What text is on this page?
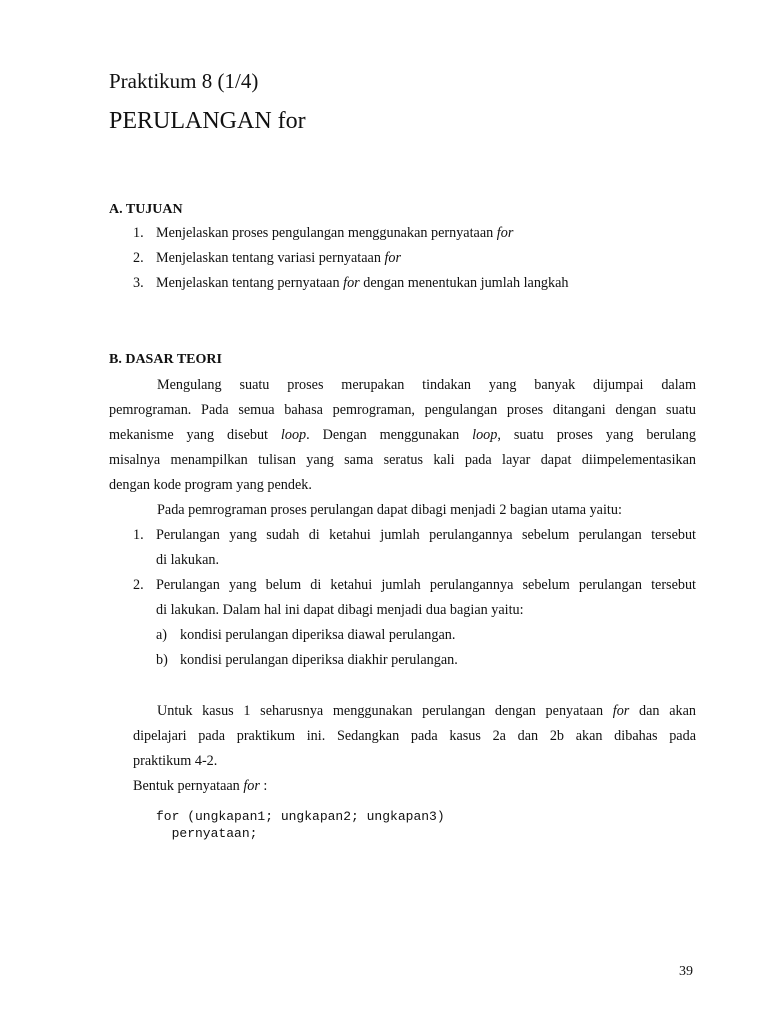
Praktikum 8 (1/4)
PERULANGAN for
A. TUJUAN
1. Menjelaskan proses pengulangan menggunakan pernyataan for
2. Menjelaskan tentang variasi pernyataan for
3. Menjelaskan tentang pernyataan for dengan menentukan jumlah langkah
B. DASAR TEORI
Mengulang suatu proses merupakan tindakan yang banyak dijumpai dalam
pemrograman. Pada semua bahasa pemrograman, pengulangan proses ditangani dengan suatu
mekanisme yang disebut loop. Dengan menggunakan loop, suatu proses yang berulang
misalnya menampilkan tulisan yang sama seratus kali pada layar dapat diimpelementasikan
dengan kode program yang pendek.
Pada pemrograman proses perulangan dapat dibagi menjadi 2 bagian utama yaitu:
1. Perulangan yang sudah di ketahui jumlah perulangannya sebelum perulangan tersebut
di lakukan.
2. Perulangan yang belum di ketahui jumlah perulangannya sebelum perulangan tersebut
di lakukan. Dalam hal ini dapat dibagi menjadi dua bagian yaitu:
a) kondisi perulangan diperiksa diawal perulangan.
b) kondisi perulangan diperiksa diakhir perulangan.
Untuk kasus 1 seharusnya menggunakan perulangan dengan penyataan for dan akan
dipelajari pada praktikum ini. Sedangkan pada kasus 2a dan 2b akan dibahas pada
praktikum 4-2.
Bentuk pernyataan for :
for (ungkapan1; ungkapan2; ungkapan3)
pernyataan;
39
